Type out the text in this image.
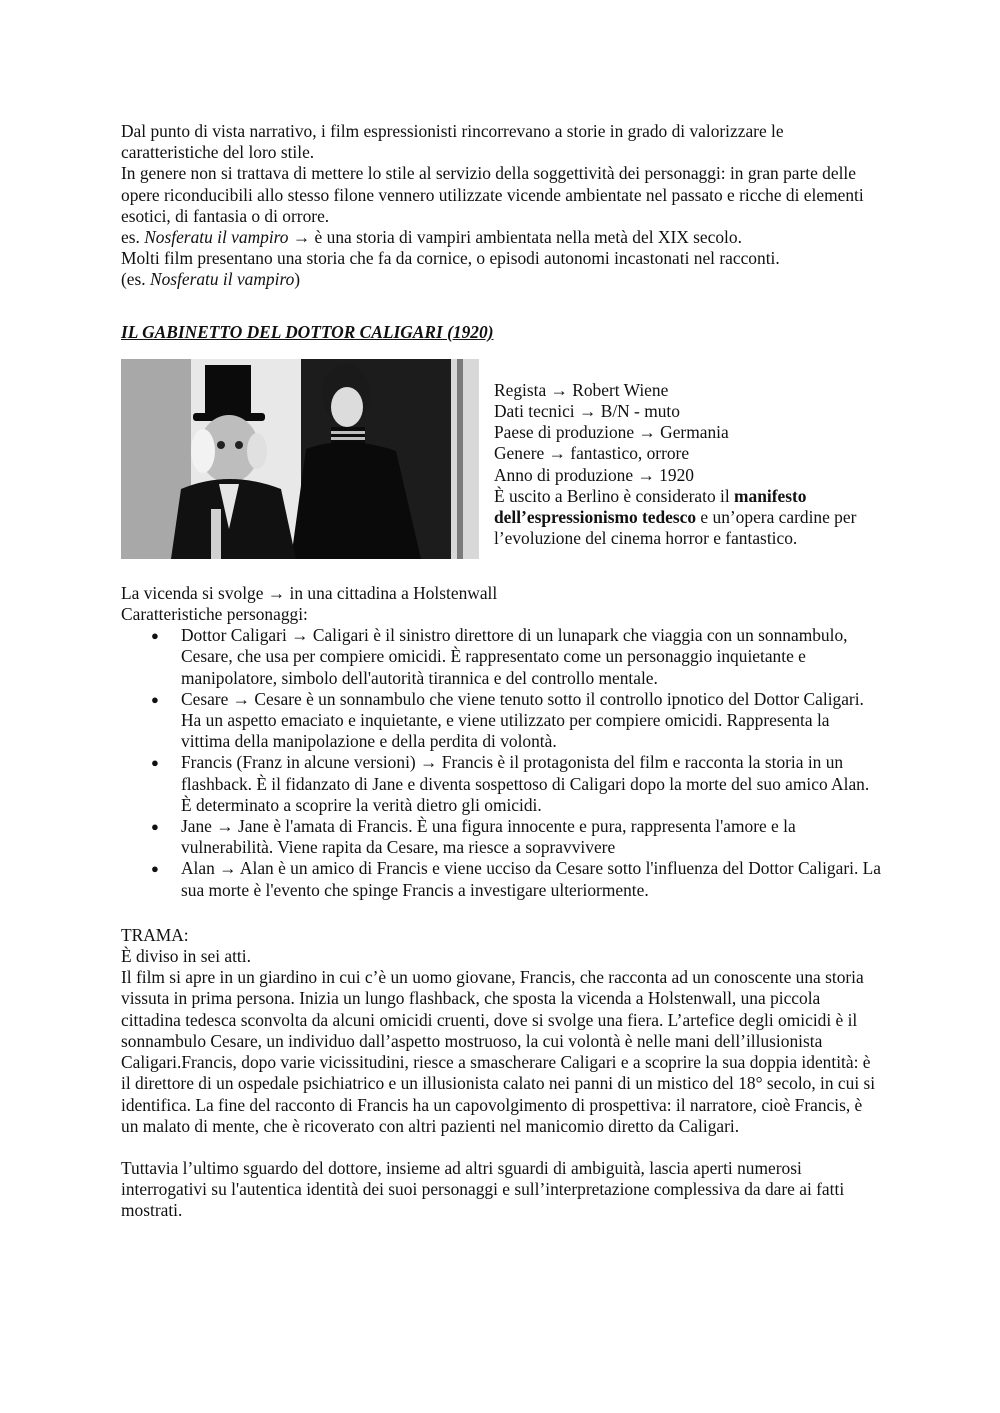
Dal punto di vista narrativo, i film espressionisti rincorrevano a storie in grado di valorizzare le caratteristiche del loro stile.

In genere non si trattava di mettere lo stile al servizio della soggettività dei personaggi: in gran parte delle opere riconducibili allo stesso filone vennero utilizzate vicende ambientate nel passato e ricche di elementi esotici, di fantasia o di orrore.

es. Nosferatu il vampiro → è una storia di vampiri ambientata nella metà del XIX secolo.

Molti film presentano una storia che fa da cornice, o episodi autonomi incastonati nel racconti.

(es. Nosferatu il vampiro)

IL GABINETTO DEL DOTTOR CALIGARI (1920)

Regista → Robert Wiene
Dati tecnici → B/N - muto
Paese di produzione → Germania
Genere → fantastico, orrore
Anno di produzione → 1920

È uscito a Berlino è considerato il manifesto dell’espressionismo tedesco e un’opera cardine per l’evoluzione del cinema horror e fantastico.

La vicenda si svolge → in una cittadina a Holstenwall

Caratteristiche personaggi:

● Dottor Caligari → Caligari è il sinistro direttore di un lunapark che viaggia con un sonnambulo, Cesare, che usa per compiere omicidi. È rappresentato come un personaggio inquietante e manipolatore, simbolo dell'autorità tirannica e del controllo mentale.
● Cesare → Cesare è un sonnambulo che viene tenuto sotto il controllo ipnotico del Dottor Caligari. Ha un aspetto emaciato e inquietante, e viene utilizzato per compiere omicidi. Rappresenta la vittima della manipolazione e della perdita di volontà.
● Francis (Franz in alcune versioni) → Francis è il protagonista del film e racconta la storia in un flashback. È il fidanzato di Jane e diventa sospettoso di Caligari dopo la morte del suo amico Alan. È determinato a scoprire la verità dietro gli omicidi.
● Jane → Jane è l'amata di Francis. È una figura innocente e pura, rappresenta l'amore e la vulnerabilità. Viene rapita da Cesare, ma riesce a sopravvivere
● Alan → Alan è un amico di Francis e viene ucciso da Cesare sotto l'influenza del Dottor Caligari. La sua morte è l'evento che spinge Francis a investigare ulteriormente.

TRAMA:

È diviso in sei atti.

Il film si apre in un giardino in cui c’è un uomo giovane, Francis, che racconta ad un conoscente una storia vissuta in prima persona. Inizia un lungo flashback, che sposta la vicenda a Holstenwall, una piccola cittadina tedesca sconvolta da alcuni omicidi cruenti, dove si svolge una fiera. L’artefice degli omicidi è il sonnambulo Cesare, un individuo dall’aspetto mostruoso, la cui volontà è nelle mani dell’illusionista Caligari.Francis, dopo varie vicissitudini, riesce a smascherare Caligari e a scoprire la sua doppia identità: è il direttore di un ospedale psichiatrico e un illusionista calato nei panni di un mistico del 18° secolo, in cui si identifica. La fine del racconto di Francis ha un capovolgimento di prospettiva: il narratore, cioè Francis, è un malato di mente, che è ricoverato con altri pazienti nel manicomio diretto da Caligari.

Tuttavia l’ultimo sguardo del dottore, insieme ad altri sguardi di ambiguità, lascia aperti numerosi interrogativi su l'autentica identità dei suoi personaggi e sull’interpretazione complessiva da dare ai fatti mostrati.
